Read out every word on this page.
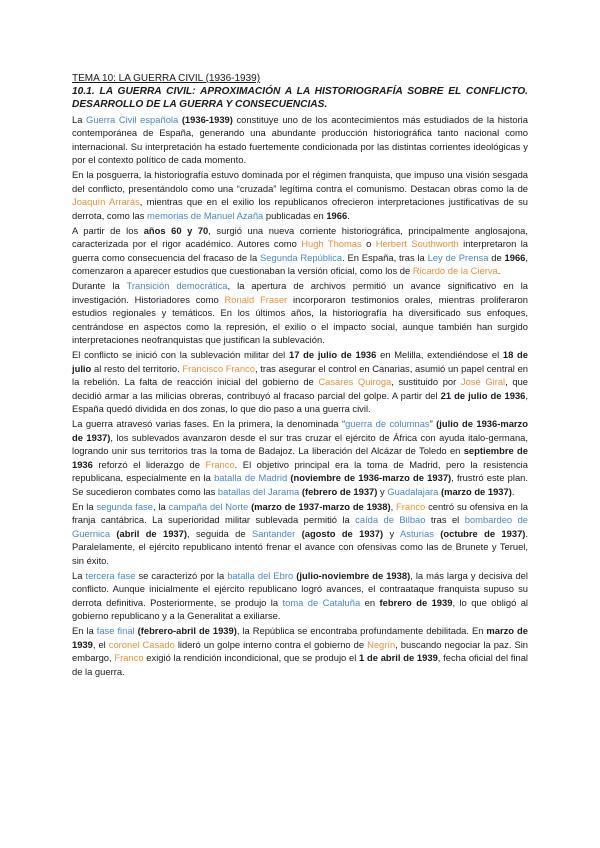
TEMA 10: LA GUERRA CIVIL (1936-1939)

10.1. LA GUERRA CIVIL: APROXIMACIÓN A LA HISTORIOGRAFÍA SOBRE EL CONFLICTO. DESARROLLO DE LA GUERRA Y CONSECUENCIAS.

La Guerra Civil española (1936-1939) constituye uno de los acontecimientos más estudiados de la historia contemporánea de España, generando una abundante producción historiográfica tanto nacional como internacional. Su interpretación ha estado fuertemente condicionada por las distintas corrientes ideológicas y por el contexto político de cada momento.

En la posguerra, la historiografía estuvo dominada por el régimen franquista, que impuso una visión sesgada del conflicto, presentándolo como una “cruzada” legítima contra el comunismo. Destacan obras como la de Joaquín Arrarás, mientras que en el exilio los republicanos ofrecieron interpretaciones justificativas de su derrota, como las memorias de Manuel Azaña publicadas en 1966.

A partir de los años 60 y 70, surgió una nueva corriente historiográfica, principalmente anglosajona, caracterizada por el rigor académico. Autores como Hugh Thomas o Herbert Southworth interpretaron la guerra como consecuencia del fracaso de la Segunda República. En España, tras la Ley de Prensa de 1966, comenzaron a aparecer estudios que cuestionaban la versión oficial, como los de Ricardo de la Cierva.

Durante la Transición democrática, la apertura de archivos permitió un avance significativo en la investigación. Historiadores como Ronald Fraser incorporaron testimonios orales, mientras proliferaron estudios regionales y temáticos. En los últimos años, la historiografía ha diversificado sus enfoques, centrándose en aspectos como la represión, el exilio o el impacto social, aunque también han surgido interpretaciones neofranquistas que justifican la sublevación.

El conflicto se inició con la sublevación militar del 17 de julio de 1936 en Melilla, extendiéndose el 18 de julio al resto del territorio. Francisco Franco, tras asegurar el control en Canarias, asumió un papel central en la rebelión. La falta de reacción inicial del gobierno de Casares Quiroga, sustituido por José Giral, que decidió armar a las milicias obreras, contribuyó al fracaso parcial del golpe. A partir del 21 de julio de 1936, España quedó dividida en dos zonas, lo que dio paso a una guerra civil.

La guerra atravesó varias fases. En la primera, la denominada “guerra de columnas” (julio de 1936-marzo de 1937), los sublevados avanzaron desde el sur tras cruzar el ejército de África con ayuda italo-germana, logrando unir sus territorios tras la toma de Badajoz. La liberación del Alcázar de Toledo en septiembre de 1936 reforzó el liderazgo de Franco. El objetivo principal era la toma de Madrid, pero la resistencia republicana, especialmente en la batalla de Madrid (noviembre de 1936-marzo de 1937), frustró este plan. Se sucedieron combates como las batallas del Jarama (febrero de 1937) y Guadalajara (marzo de 1937).

En la segunda fase, la campaña del Norte (marzo de 1937-marzo de 1938), Franco centró su ofensiva en la franja cantábrica. La superioridad militar sublevada permitió la caída de Bilbao tras el bombardeo de Guernica (abril de 1937), seguida de Santander (agosto de 1937) y Asturias (octubre de 1937). Paralelamente, el ejército republicano intentó frenar el avance con ofensivas como las de Brunete y Teruel, sin éxito.

La tercera fase se caracterizó por la batalla del Ebro (julio-noviembre de 1938), la más larga y decisiva del conflicto. Aunque inicialmente el ejército republicano logró avances, el contraataque franquista supuso su derrota definitiva. Posteriormente, se produjo la toma de Cataluña en febrero de 1939, lo que obligó al gobierno republicano y a la Generalitat a exiliarse.

En la fase final (febrero-abril de 1939), la República se encontraba profundamente debilitada. En marzo de 1939, el coronel Casado lideró un golpe interno contra el gobierno de Negrín, buscando negociar la paz. Sin embargo, Franco exigió la rendición incondicional, que se produjo el 1 de abril de 1939, fecha oficial del final de la guerra.
